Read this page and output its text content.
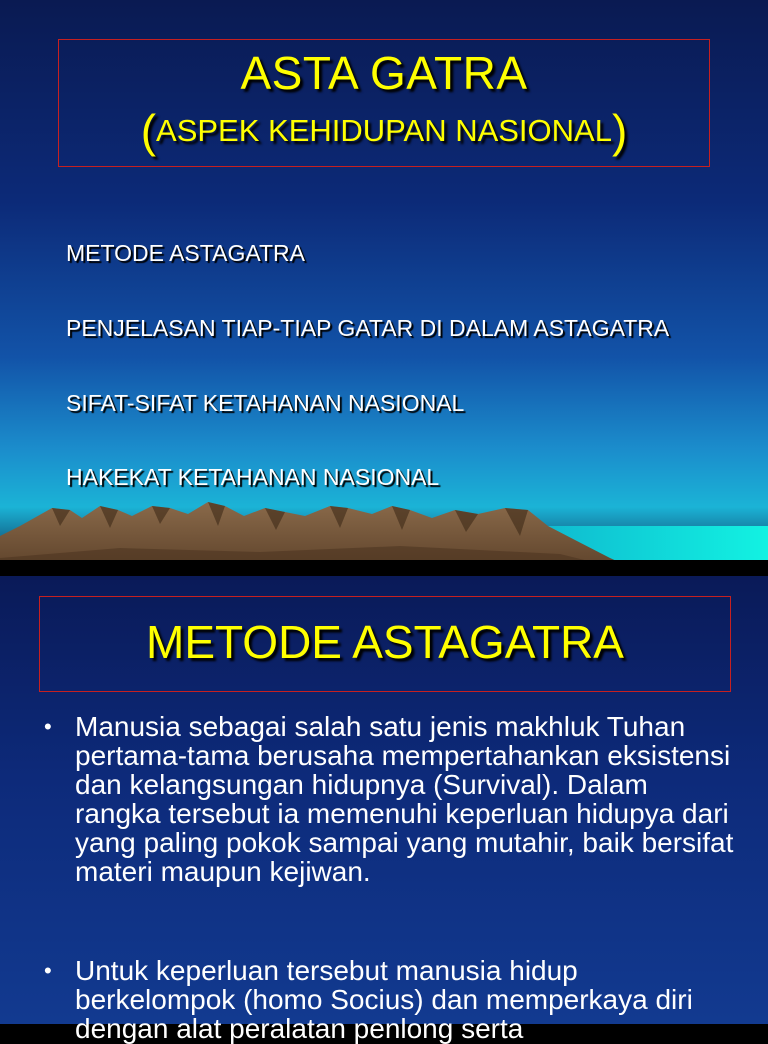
ASTA GATRA
(ASPEK KEHIDUPAN NASIONAL)
METODE ASTAGATRA
PENJELASAN TIAP-TIAP GATAR DI DALAM ASTAGATRA
SIFAT-SIFAT KETAHANAN NASIONAL
HAKEKAT KETAHANAN NASIONAL
METODE ASTAGATRA
• Manusia sebagai salah satu jenis makhluk Tuhan pertama-tama berusaha mempertahankan eksistensi dan kelangsungan hidupnya (Survival). Dalam rangka tersebut ia memenuhi keperluan hidupya dari yang paling pokok sampai yang mutahir, baik bersifat materi maupun kejiwan.
• Untuk keperluan tersebut manusia hidup berkelompok (homo Socius) dan memperkaya diri dengan alat peralatan penlong serta
